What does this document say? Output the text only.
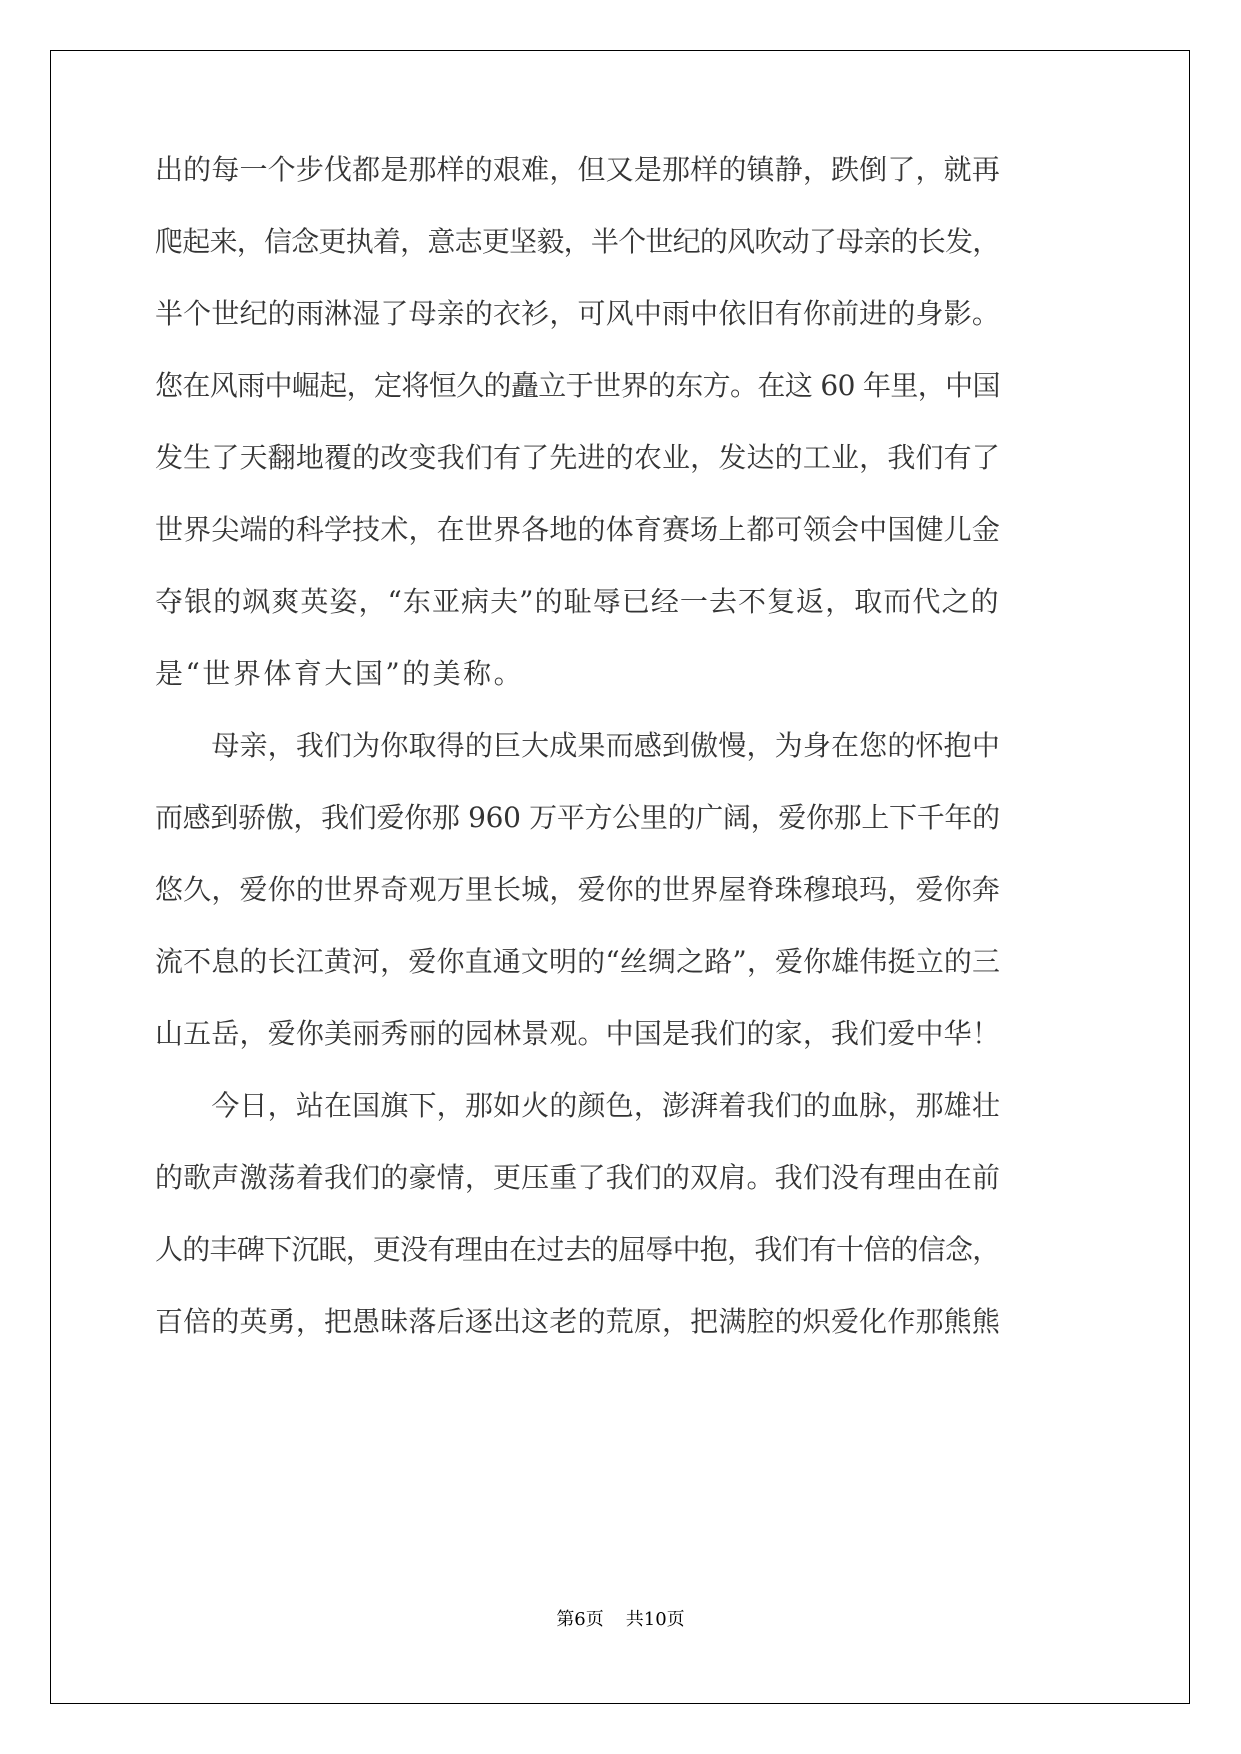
出的每一个步伐都是那样的艰难，但又是那样的镇静，跌倒了，就再
爬起来，信念更执着，意志更坚毅，半个世纪的风吹动了母亲的长发，
半个世纪的雨淋湿了母亲的衣衫，可风中雨中依旧有你前进的身影。
您在风雨中崛起，定将恒久的矗立于世界的东方。在这 60 年里，中国
发生了天翻地覆的改变我们有了先进的农业，发达的工业，我们有了
世界尖端的科学技术，在世界各地的体育赛场上都可领会中国健儿金
夺银的飒爽英姿，“东亚病夫”的耻辱已经一去不复返，取而代之的
是“世界体育大国”的美称。
　　母亲，我们为你取得的巨大成果而感到傲慢，为身在您的怀抱中
而感到骄傲，我们爱你那 960 万平方公里的广阔，爱你那上下千年的
悠久，爱你的世界奇观万里长城，爱你的世界屋脊珠穆琅玛，爱你奔
流不息的长江黄河，爱你直通文明的“丝绸之路”，爱你雄伟挺立的三
山五岳，爱你美丽秀丽的园林景观。中国是我们的家，我们爱中华！
　　今日，站在国旗下，那如火的颜色，澎湃着我们的血脉，那雄壮
的歌声激荡着我们的豪情，更压重了我们的双肩。我们没有理由在前
人的丰碑下沉眠，更没有理由在过去的屈辱中抱，我们有十倍的信念，
百倍的英勇，把愚昧落后逐出这老的荒原，把满腔的炽爱化作那熊熊
第6页 共10页
